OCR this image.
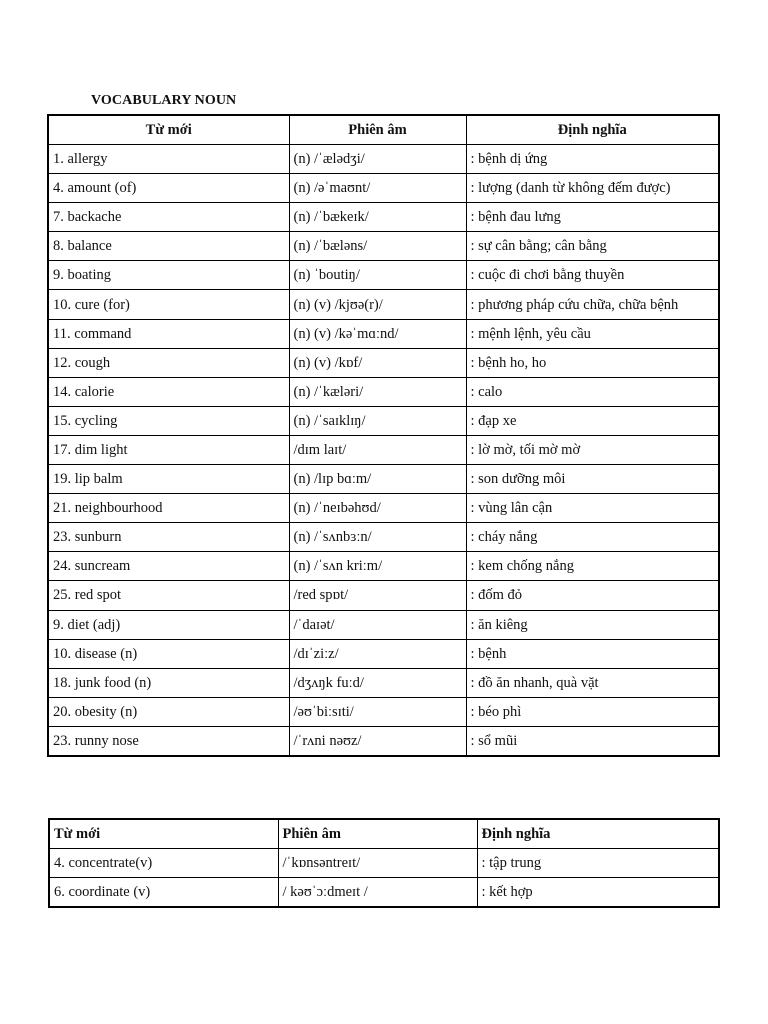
VOCABULARY NOUN
Từ mới	Phiên âm	Định nghĩa
1. allergy	(n) /ˈælədʒi/	: bệnh dị ứng
4. amount (of)	(n) /əˈmaʊnt/	: lượng (danh từ không đếm được)
7. backache	(n) /ˈbækeɪk/	: bệnh đau lưng
8. balance	(n) /ˈbæləns/	: sự cân bằng; cân bằng
9. boating	(n) ˈboutiŋ/	: cuộc đi chơi bằng thuyền
10. cure (for)	(n) (v) /kjʊə(r)/	: phương pháp cứu chữa, chữa bệnh
11. command	(n) (v) /kəˈmɑːnd/	: mệnh lệnh, yêu cầu
12. cough	(n) (v) /kɒf/	: bệnh ho, ho
14. calorie	(n) /ˈkæləri/	: calo
15. cycling	(n) /ˈsaɪklɪŋ/	: đạp xe
17. dim light	/dɪm laɪt/	: lờ mờ, tối mờ mờ
19. lip balm	(n) /lɪp bɑːm/	: son dưỡng môi
21. neighbourhood	(n) /ˈneɪbəhʊd/	: vùng lân cận
23. sunburn	(n) /ˈsʌnbɜːn/	: cháy nắng
24. suncream	(n) /ˈsʌn kriːm/	: kem chống nắng
25. red spot	/red spɒt/	: đốm đỏ
9. diet (adj)	/ˈdaɪət/	: ăn kiêng
10. disease (n)	/dɪˈziːz/	: bệnh
18. junk food (n)	/dʒʌŋk fuːd/	: đồ ăn nhanh, quà vặt
20. obesity (n)	/əʊˈbiːsɪti/	: béo phì
23. runny nose	/ˈrʌni nəʊz/	: sổ mũi
Từ mới	Phiên âm	Định nghĩa
4. concentrate(v)	/ˈkɒnsəntreɪt/	: tập trung
6. coordinate (v)	/ kəʊˈɔːdmeɪt /	: kết hợp
